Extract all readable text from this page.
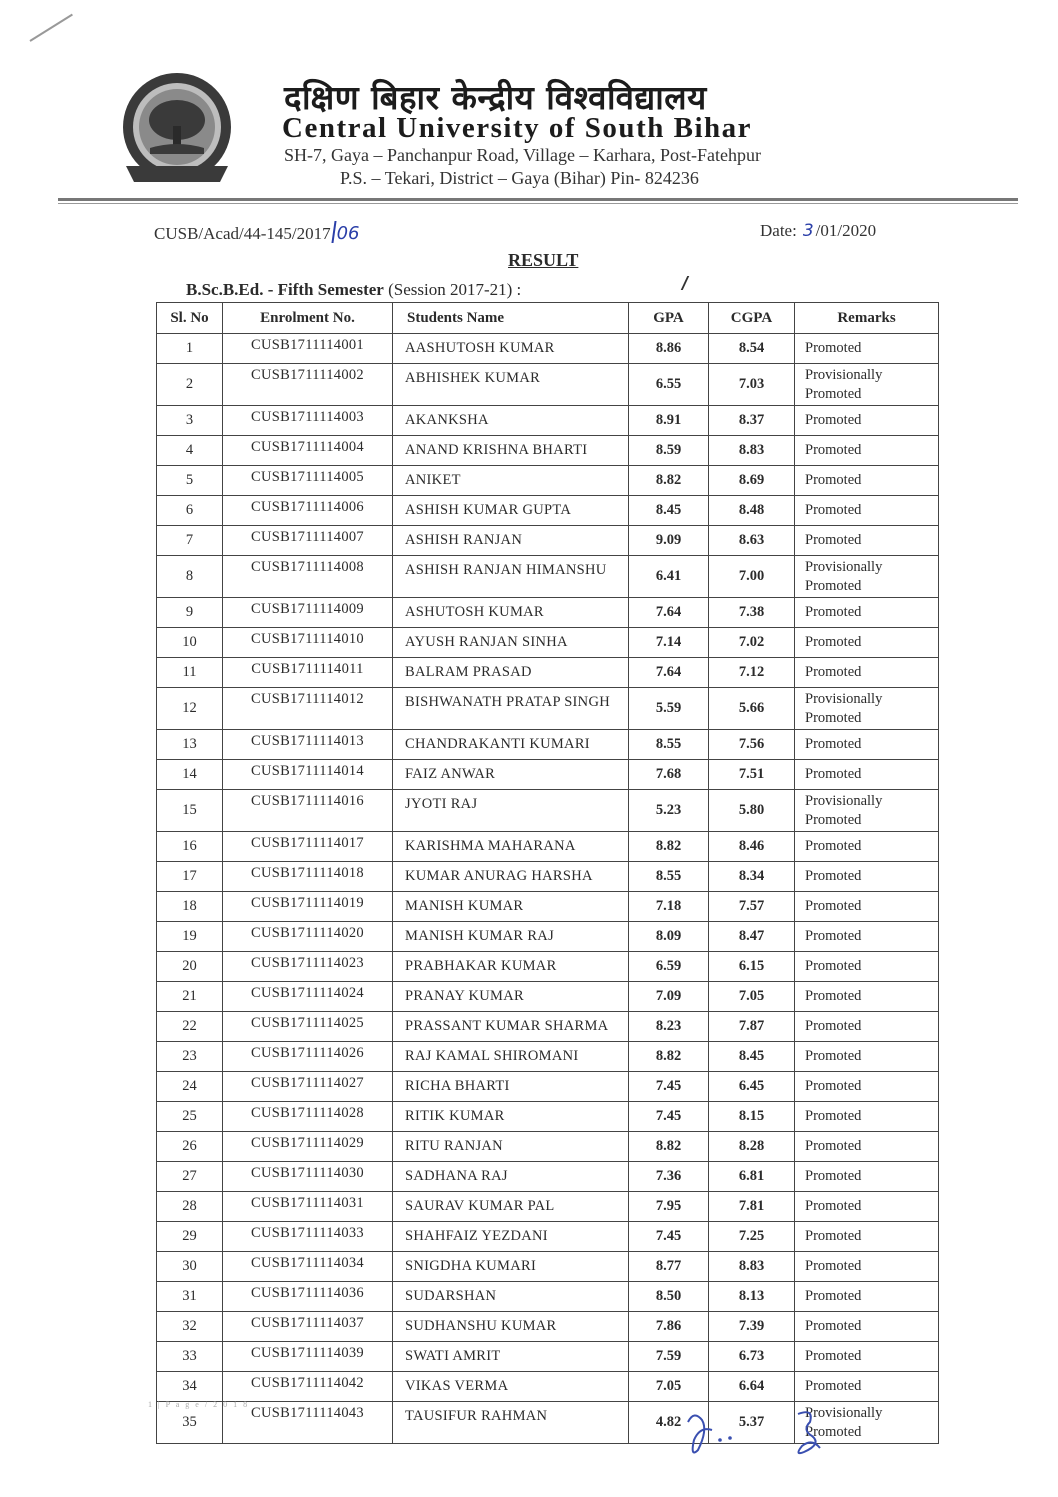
दक्षिण बिहार केन्द्रीय विश्वविद्यालय
Central University of South Bihar
SH-7, Gaya – Panchanpur Road, Village – Karhara, Post-Fatehpur
P.S. – Tekari, District – Gaya (Bihar) Pin- 824236
CUSB/Acad/44-145/2017 06	Date: 3 /01/2020
RESULT
B.Sc.B.Ed. - Fifth Semester (Session 2017-21) :
Sl. No	Enrolment No.	Students Name	GPA	CGPA	Remarks
1	CUSB1711114001	AASHUTOSH KUMAR	8.86	8.54	Promoted
2	CUSB1711114002	ABHISHEK KUMAR	6.55	7.03	Provisionally Promoted
3	CUSB1711114003	AKANKSHA	8.91	8.37	Promoted
4	CUSB1711114004	ANAND KRISHNA BHARTI	8.59	8.83	Promoted
5	CUSB1711114005	ANIKET	8.82	8.69	Promoted
6	CUSB1711114006	ASHISH KUMAR GUPTA	8.45	8.48	Promoted
7	CUSB1711114007	ASHISH RANJAN	9.09	8.63	Promoted
8	CUSB1711114008	ASHISH RANJAN HIMANSHU	6.41	7.00	Provisionally Promoted
9	CUSB1711114009	ASHUTOSH KUMAR	7.64	7.38	Promoted
10	CUSB1711114010	AYUSH RANJAN SINHA	7.14	7.02	Promoted
11	CUSB1711114011	BALRAM PRASAD	7.64	7.12	Promoted
12	CUSB1711114012	BISHWANATH PRATAP SINGH	5.59	5.66	Provisionally Promoted
13	CUSB1711114013	CHANDRAKANTI KUMARI	8.55	7.56	Promoted
14	CUSB1711114014	FAIZ ANWAR	7.68	7.51	Promoted
15	CUSB1711114016	JYOTI RAJ	5.23	5.80	Provisionally Promoted
16	CUSB1711114017	KARISHMA MAHARANA	8.82	8.46	Promoted
17	CUSB1711114018	KUMAR ANURAG HARSHA	8.55	8.34	Promoted
18	CUSB1711114019	MANISH KUMAR	7.18	7.57	Promoted
19	CUSB1711114020	MANISH KUMAR RAJ	8.09	8.47	Promoted
20	CUSB1711114023	PRABHAKAR KUMAR	6.59	6.15	Promoted
21	CUSB1711114024	PRANAY KUMAR	7.09	7.05	Promoted
22	CUSB1711114025	PRASSANT KUMAR SHARMA	8.23	7.87	Promoted
23	CUSB1711114026	RAJ KAMAL SHIROMANI	8.82	8.45	Promoted
24	CUSB1711114027	RICHA BHARTI	7.45	6.45	Promoted
25	CUSB1711114028	RITIK KUMAR	7.45	8.15	Promoted
26	CUSB1711114029	RITU RANJAN	8.82	8.28	Promoted
27	CUSB1711114030	SADHANA RAJ	7.36	6.81	Promoted
28	CUSB1711114031	SAURAV KUMAR PAL	7.95	7.81	Promoted
29	CUSB1711114033	SHAHFAIZ YEZDANI	7.45	7.25	Promoted
30	CUSB1711114034	SNIGDHA KUMARI	8.77	8.83	Promoted
31	CUSB1711114036	SUDARSHAN	8.50	8.13	Promoted
32	CUSB1711114037	SUDHANSHU KUMAR	7.86	7.39	Promoted
33	CUSB1711114039	SWATI AMRIT	7.59	6.73	Promoted
34	CUSB1711114042	VIKAS VERMA	7.05	6.64	Promoted
35	CUSB1711114043	TAUSIFUR RAHMAN	4.82	5.37	Provisionally Promoted
1 | P a g e / 2 0 1 8
